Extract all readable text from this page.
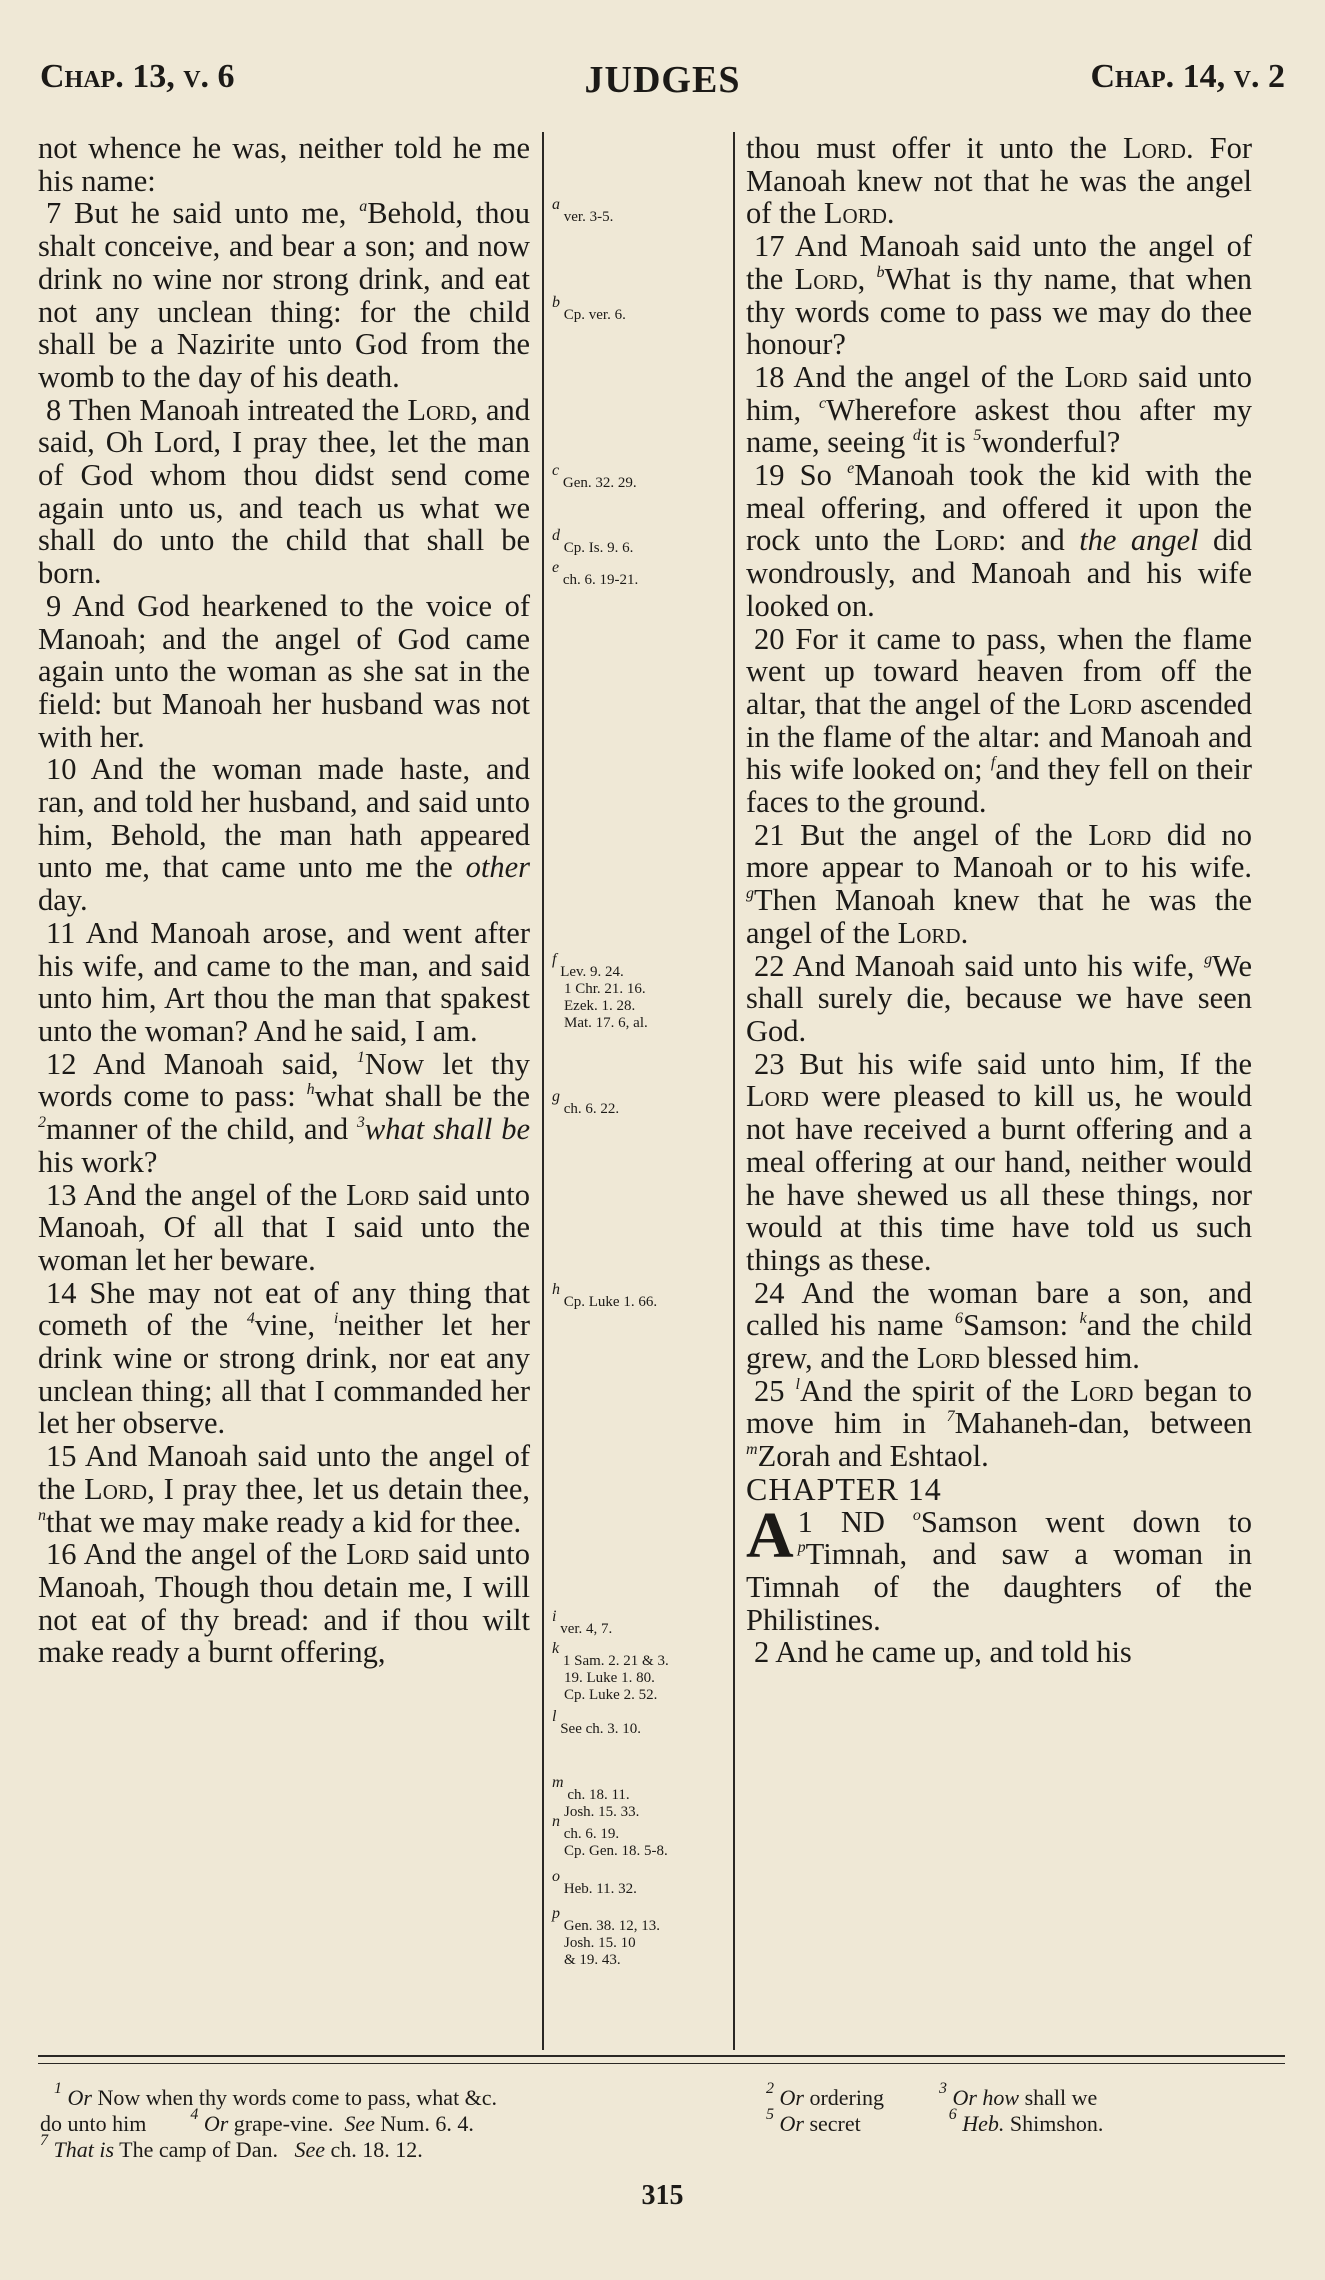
Chap. 13, v. 6	JUDGES	Chap. 14, v. 2

not whence he was, neither told he me his name:

7 But he said unto me, $^a$Behold, thou shalt conceive, and bear a son; and now drink no wine nor strong drink, and eat not any unclean thing: for the child shall be a Nazirite unto God from the womb to the day of his death.

8 Then Manoah intreated the Lord, and said, Oh Lord, I pray thee, let the man of God whom thou didst send come again unto us, and teach us what we shall do unto the child that shall be born.

9 And God hearkened to the voice of Manoah; and the angel of God came again unto the woman as she sat in the field: but Manoah her husband was not with her.

10 And the woman made haste, and ran, and told her husband, and said unto him, Behold, the man hath appeared unto me, that came unto me the other day.

11 And Manoah arose, and went after his wife, and came to the man, and said unto him, Art thou the man that spakest unto the woman? And he said, I am.

12 And Manoah said, $^1$Now let thy words come to pass: $^h$what shall be the $^2$manner of the child, and $^3$what shall be his work?

13 And the angel of the Lord said unto Manoah, Of all that I said unto the woman let her beware.

14 She may not eat of any thing that cometh of the $^4$vine, $^i$neither let her drink wine or strong drink, nor eat any unclean thing; all that I commanded her let her observe.

15 And Manoah said unto the angel of the Lord, I pray thee, let us detain thee, $^n$that we may make ready a kid for thee.

16 And the angel of the Lord said unto Manoah, Though thou detain me, I will not eat of thy bread: and if thou wilt make ready a burnt offering,

$^a$ ver. 3-5.
$^b$ Cp. ver. 6.
$^c$ Gen. 32. 29.
$^d$ Cp. Is. 9. 6.
$^e$ ch. 6. 19-21.
$^f$ Lev. 9. 24.
1 Chr. 21. 16.
Ezek. 1. 28.
Mat. 17. 6, al.
$^g$ ch. 6. 22.
$^h$ Cp. Luke 1. 66.
$^i$ ver. 4, 7.
$^k$ 1 Sam. 2. 21 & 3.
19. Luke 1. 80.
Cp. Luke 2. 52.
$^l$ See ch. 3. 10.
$^m$ ch. 18. 11.
Josh. 15. 33.
$^n$ ch. 6. 19.
Cp. Gen. 18. 5-8.
$^o$ Heb. 11. 32.
$^p$ Gen. 38. 12, 13.
Josh. 15. 10
& 19. 43.

thou must offer it unto the Lord. For Manoah knew not that he was the angel of the Lord.

17 And Manoah said unto the angel of the Lord, $^b$What is thy name, that when thy words come to pass we may do thee honour?

18 And the angel of the Lord said unto him, $^c$Wherefore askest thou after my name, seeing $^d$it is $^5$wonderful?

19 So $^e$Manoah took the kid with the meal offering, and offered it upon the rock unto the Lord: and the angel did wondrously, and Manoah and his wife looked on.

20 For it came to pass, when the flame went up toward heaven from off the altar, that the angel of the Lord ascended in the flame of the altar: and Manoah and his wife looked on; $^f$and they fell on their faces to the ground.

21 But the angel of the Lord did no more appear to Manoah or to his wife. $^g$Then Manoah knew that he was the angel of the Lord.

22 And Manoah said unto his wife, $^g$We shall surely die, because we have seen God.

23 But his wife said unto him, If the Lord were pleased to kill us, he would not have received a burnt offering and a meal offering at our hand, neither would he have shewed us all these things, nor would at this time have told us such things as these.

24 And the woman bare a son, and called his name $^6$Samson: $^k$and the child grew, and the Lord blessed him.

25 $^l$And the spirit of the Lord began to move him in $^7$Mahaneh-dan, between $^m$Zorah and Eshtaol.

CHAPTER 14

1
A ND $^o$Samson went down to $^p$Timnah, and saw a woman in Timnah of the daughters of the Philistines.

2 And he came up, and told his

$^1$ Or Now when thy words come to pass, what &c.
do unto him	$^4$ Or grape-vine. See Num. 6. 4.
$^7$ That is The camp of Dan. See ch. 18. 12.
$^2$ Or ordering	$^3$ Or how shall we
$^5$ Or secret	$^6$ Heb. Shimshon.
315
